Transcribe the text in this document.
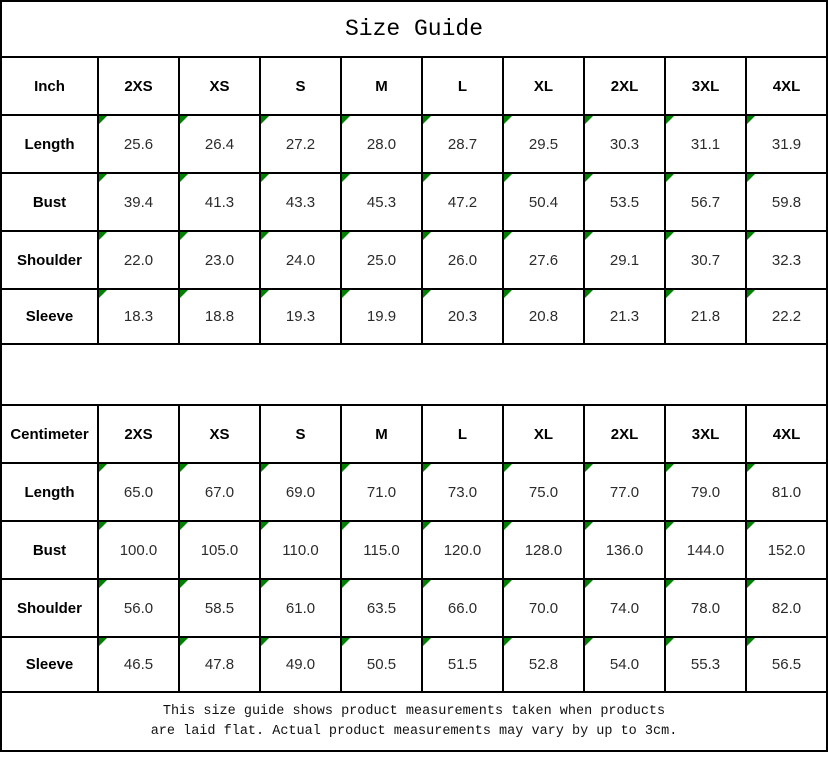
Size Guide									
Inch	2XS	XS	S	M	L	XL	2XL	3XL	4XL
Length	25.6	26.4	27.2	28.0	28.7	29.5	30.3	31.1	31.9
Bust	39.4	41.3	43.3	45.3	47.2	50.4	53.5	56.7	59.8
Shoulder	22.0	23.0	24.0	25.0	26.0	27.6	29.1	30.7	32.3
Sleeve	18.3	18.8	19.3	19.9	20.3	20.8	21.3	21.8	22.2

Centimeter	2XS	XS	S	M	L	XL	2XL	3XL	4XL
Length	65.0	67.0	69.0	71.0	73.0	75.0	77.0	79.0	81.0
Bust	100.0	105.0	110.0	115.0	120.0	128.0	136.0	144.0	152.0
Shoulder	56.0	58.5	61.0	63.5	66.0	70.0	74.0	78.0	82.0
Sleeve	46.5	47.8	49.0	50.5	51.5	52.8	54.0	55.3	56.5

This size guide shows product measurements taken when products
are laid flat. Actual product measurements may vary by up to 3cm.									
